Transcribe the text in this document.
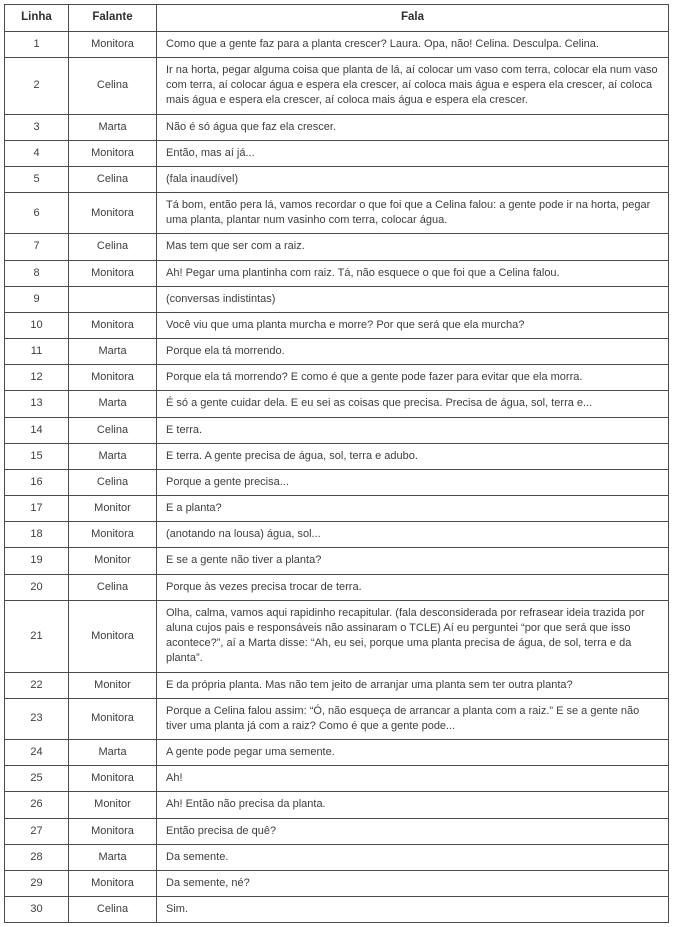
Linha	Falante	Fala
1	Monitora	Como que a gente faz para a planta crescer? Laura. Opa, não! Celina. Desculpa. Celina.
2	Celina	Ir na horta, pegar alguma coisa que planta de lá, aí colocar um vaso com terra, colocar ela num vaso com terra, aí colocar água e espera ela crescer, aí coloca mais água e espera ela crescer, aí coloca mais água e espera ela crescer, aí coloca mais água e espera ela crescer.
3	Marta	Não é só água que faz ela crescer.
4	Monitora	Então, mas aí já...
5	Celina	(fala inaudível)
6	Monitora	Tá bom, então pera lá, vamos recordar o que foi que a Celina falou: a gente pode ir na horta, pegar uma planta, plantar num vasinho com terra, colocar água.
7	Celina	Mas tem que ser com a raiz.
8	Monitora	Ah! Pegar uma plantinha com raiz. Tá, não esquece o que foi que a Celina falou.
9		(conversas indistintas)
10	Monitora	Você viu que uma planta murcha e morre? Por que será que ela murcha?
11	Marta	Porque ela tá morrendo.
12	Monitora	Porque ela tá morrendo? E como é que a gente pode fazer para evitar que ela morra.
13	Marta	É só a gente cuidar dela. E eu sei as coisas que precisa. Precisa de água, sol, terra e...
14	Celina	E terra.
15	Marta	E terra. A gente precisa de água, sol, terra e adubo.
16	Celina	Porque a gente precisa...
17	Monitor	E a planta?
18	Monitora	(anotando na lousa) água, sol...
19	Monitor	E se a gente não tiver a planta?
20	Celina	Porque às vezes precisa trocar de terra.
21	Monitora	Olha, calma, vamos aqui rapidinho recapitular. (fala desconsiderada por refrasear ideia trazida por aluna cujos pais e responsáveis não assinaram o TCLE) Aí eu perguntei “por que será que isso acontece?”, aí a Marta disse: “Ah, eu sei, porque uma planta precisa de água, de sol, terra e da planta”.
22	Monitor	E da própria planta. Mas não tem jeito de arranjar uma planta sem ter outra planta?
23	Monitora	Porque a Celina falou assim: “Ó, não esqueça de arrancar a planta com a raiz.” E se a gente não tiver uma planta já com a raiz? Como é que a gente pode...
24	Marta	A gente pode pegar uma semente.
25	Monitora	Ah!
26	Monitor	Ah! Então não precisa da planta.
27	Monitora	Então precisa de quê?
28	Marta	Da semente.
29	Monitora	Da semente, né?
30	Celina	Sim.
